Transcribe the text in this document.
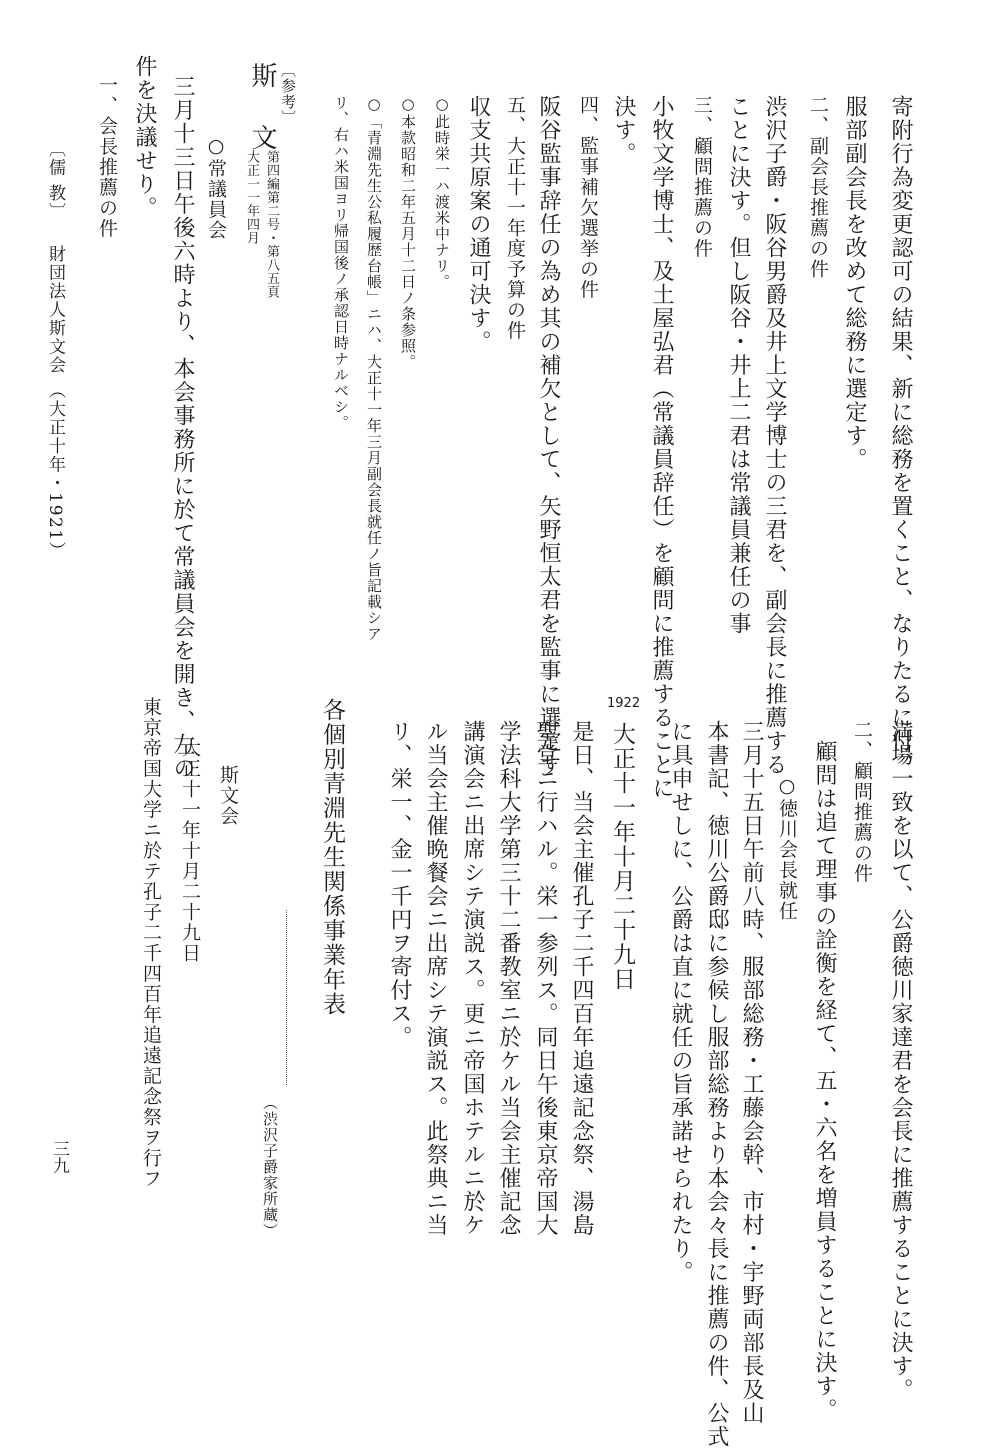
寄附行為変更認可の結果、新に総務を置くこと、なりたるに付、
服部副会長を改めて総務に選定す。
二、副会長推薦の件
渋沢子爵・阪谷男爵及井上文学博士の三君を、副会長に推薦する
ことに決す。但し阪谷・井上二君は常議員兼任の事
三、顧問推薦の件
小牧文学博士、及土屋弘君（常議員辞任）を顧問に推薦することに
決す。
四、監事補欠選挙の件
阪谷監事辞任の為め其の補欠として、矢野恒太君を監事に選定す
五、大正十一年度予算の件
収支共原案の通可決す。
○此時栄一ハ渡米中ナリ。
○本款昭和二年五月十二日ノ条参照。
○「青淵先生公私履歴台帳」ニハ、大正十一年三月副会長就任ノ旨記載シア
リ、右ハ米国ヨリ帰国後ノ承認日時ナルベシ。
〔参考〕
斯 文
第四編第二号・第八五頁
大正一一年四月
○常議員会
三月十三日午後六時より、本会事務所に於て常議員会を開き、左の
件を決議せり。
一、会長推薦の件
〔儒 教〕
財団法人斯文会 （大正十年・1921）
満場一致を以て、公爵徳川家達君を会長に推薦することに決す。
二、顧問推薦の件
顧問は追て理事の詮衡を経て、五・六名を増員することに決す。
○徳川会長就任
三月十五日午前八時、服部総務・工藤会幹、市村・宇野両部長及山
本書記、徳川公爵邸に参候し服部総務より本会々長に推薦の件、公式
に具申せしに、公爵は直に就任の旨承諾せられたり。
1922
大正十一年十月二十九日
是日、当会主催孔子二千四百年追遠記念祭、湯島
聖堂ニ行ハル。栄一参列ス。同日午後東京帝国大
学法科大学第三十二番教室ニ於ケル当会主催記念
講演会ニ出席シテ演説ス。更ニ帝国ホテルニ於ケ
ル当会主催晩餐会ニ出席シテ演説ス。此祭典ニ当
リ、栄一、金一千円ヲ寄付ス。
各個別青淵先生関係事業年表
（渋沢子爵家所蔵）
斯文会
大正十一年十月二十九日
東京帝国大学ニ於テ孔子二千四百年追遠記念祭ヲ行フ
三九
